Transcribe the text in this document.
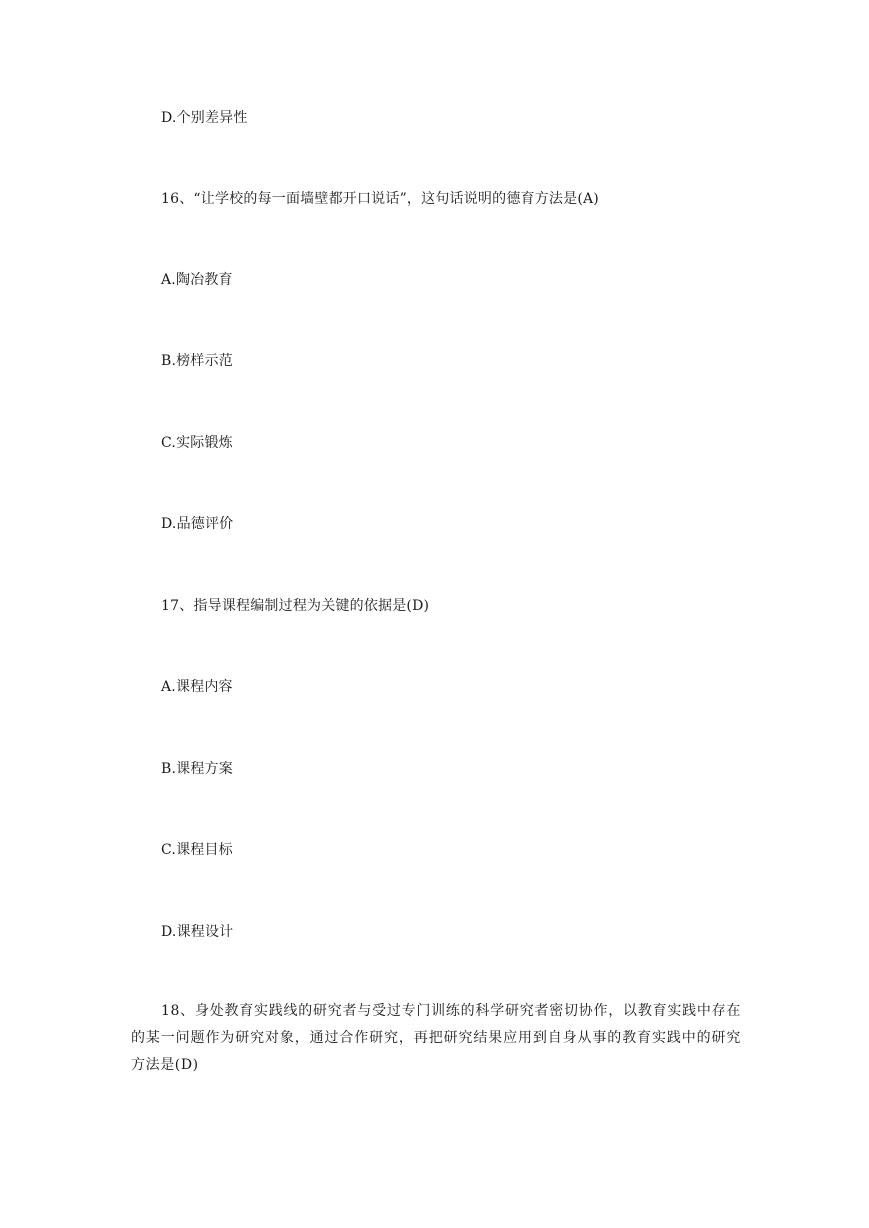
D.个别差异性
16、“让学校的每一面墙壁都开口说话”，这句话说明的德育方法是(A)
A.陶冶教育
B.榜样示范
C.实际锻炼
D.品德评价
17、指导课程编制过程为关键的依据是(D)
A.课程内容
B.课程方案
C.课程目标
D.课程设计
18、身处教育实践线的研究者与受过专门训练的科学研究者密切协作，以教育实践中存在的某一问题作为研究对象，通过合作研究，再把研究结果应用到自身从事的教育实践中的研究方法是(D)
